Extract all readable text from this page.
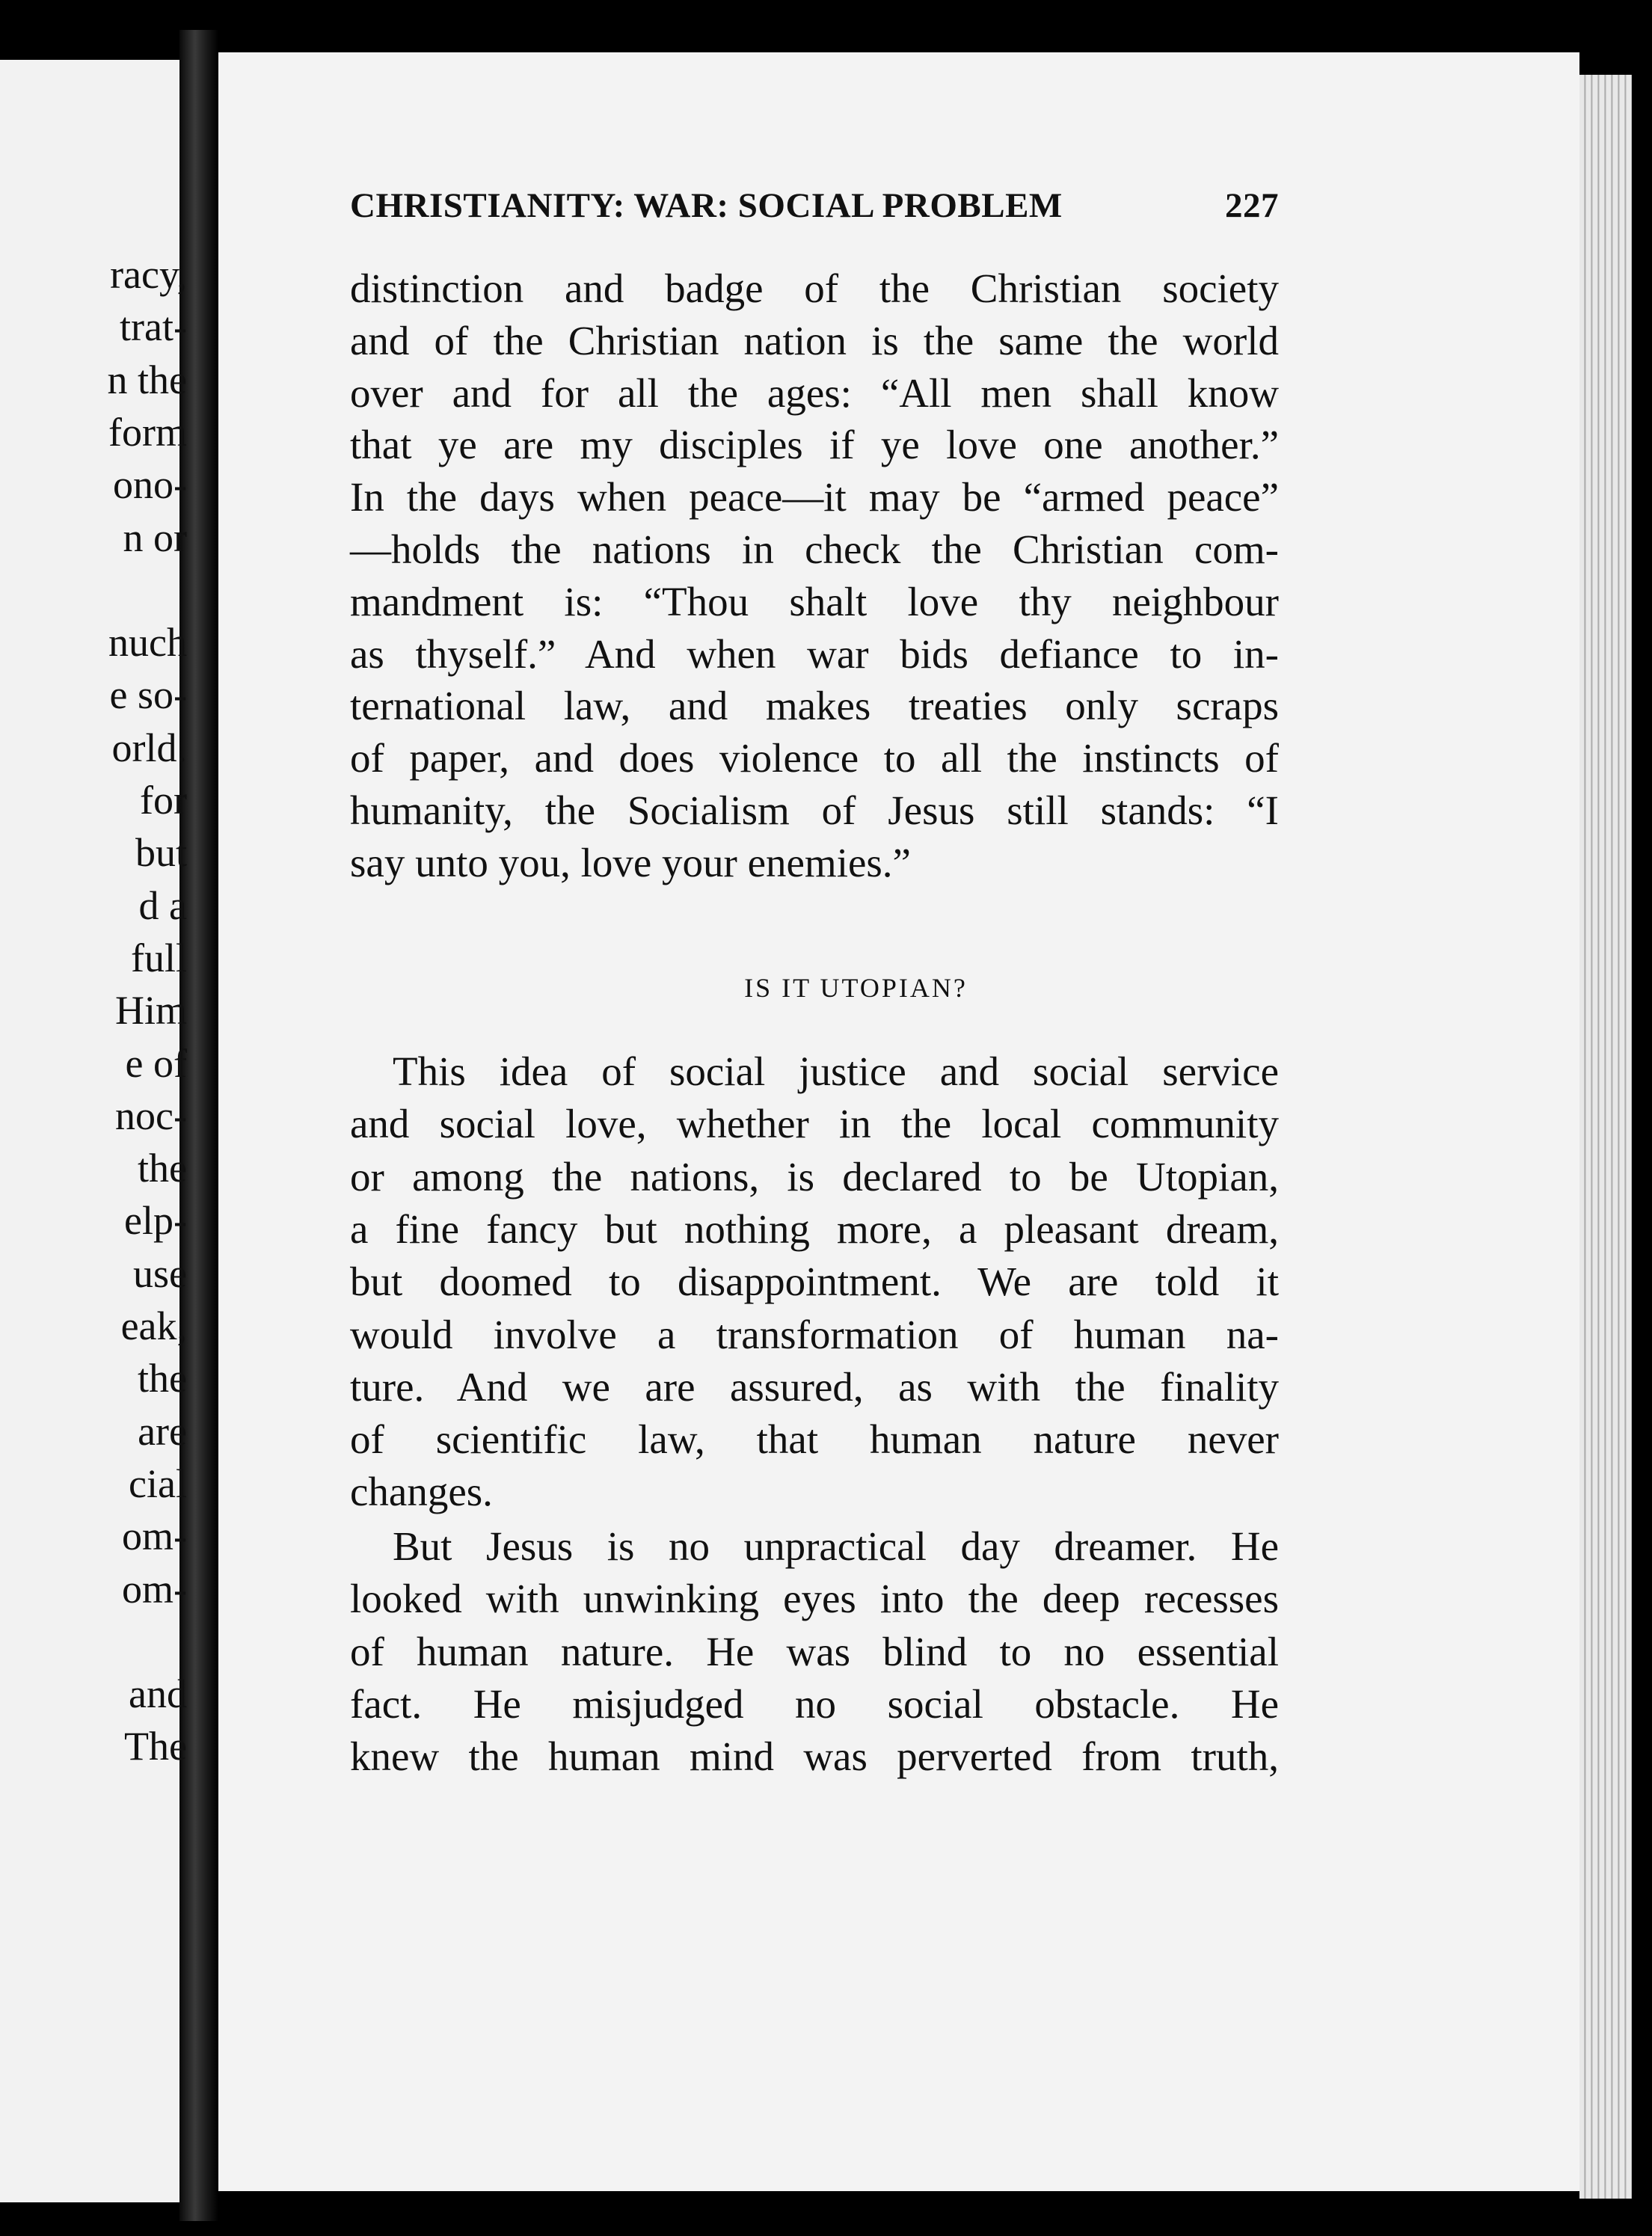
racy,
trat-
n the
form
ono-
n or
nuch
e so-
orld.
for
but
d a
full
Him
e of
noc-
the
elp-
use
eak,
the
are
cial
om-
om-
and
The
CHRISTIANITY: WAR: SOCIAL PROBLEM	227
distinction and badge of the Christian society
and of the Christian nation is the same the world
over and for all the ages: “All men shall know
that ye are my disciples if ye love one another.”
In the days when peace—it may be “armed peace”
—holds the nations in check the Christian com-
mandment is: “Thou shalt love thy neighbour
as thyself.” And when war bids defiance to in-
ternational law, and makes treaties only scraps
of paper, and does violence to all the instincts of
humanity, the Socialism of Jesus still stands: “I
say unto you, love your enemies.”
This idea of social justice and social service
and social love, whether in the local community
or among the nations, is declared to be Utopian,
a fine fancy but nothing more, a pleasant dream,
but doomed to disappointment. We are told it
would involve a transformation of human na-
ture. And we are assured, as with the finality
of scientific law, that human nature never
changes.
But Jesus is no unpractical day dreamer. He
looked with unwinking eyes into the deep recesses
of human nature. He was blind to no essential
fact. He misjudged no social obstacle. He
knew the human mind was perverted from truth,
IS IT UTOPIAN?
